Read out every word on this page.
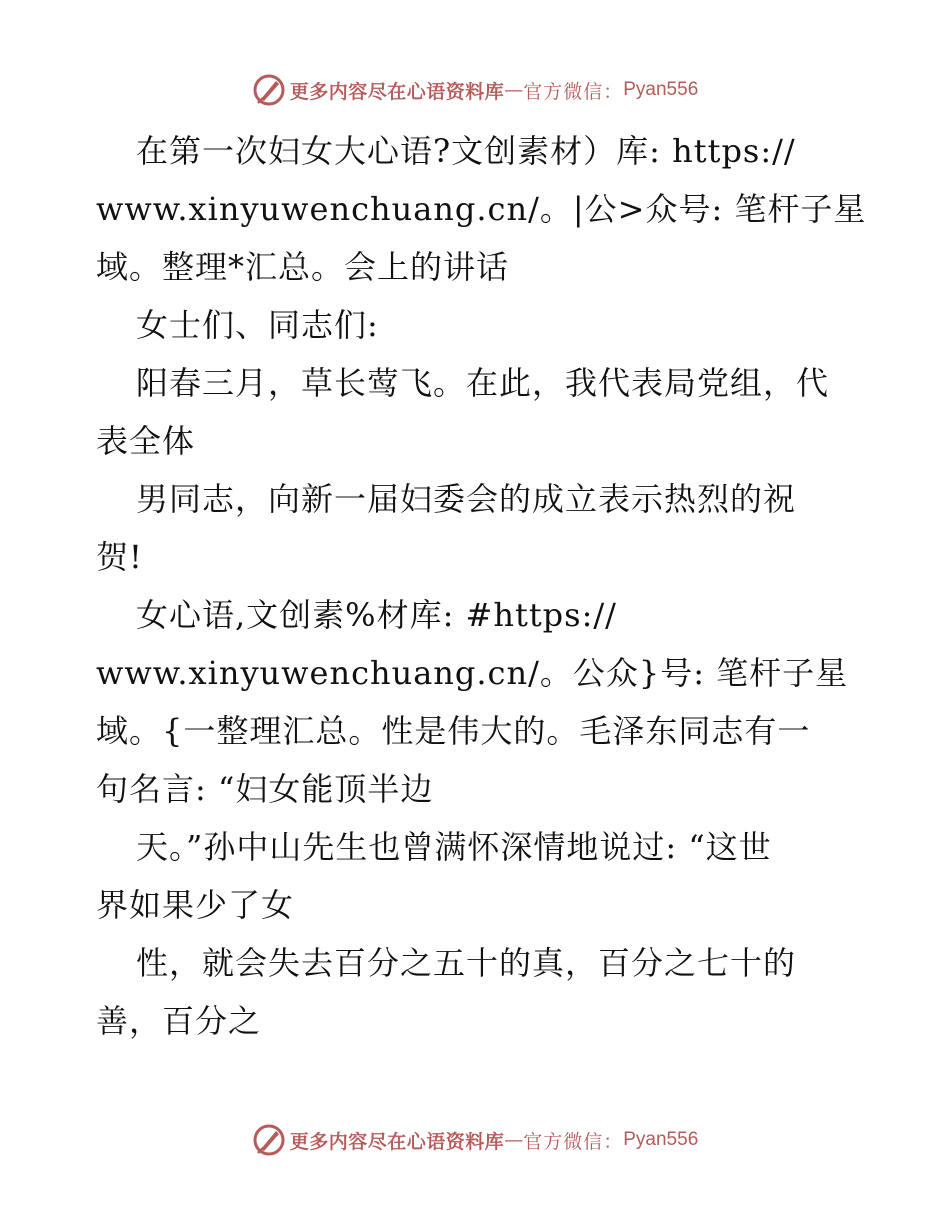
更多内容尽在心语资料库 — 官方微信： Pyan556
在第一次妇女大心语?文创素材）库: https://
www.xinyuwenchuang.cn/。|公>众号: 笔杆子星
域。整理*汇总。会上的讲话
女士们、同志们:
阳春三月，草长莺飞。在此，我代表局党组，代
表全体
男同志，向新一届妇委会的成立表示热烈的祝
贺!
女心语,文创素%材库: #https://
www.xinyuwenchuang.cn/。公众}号: 笔杆子星
域。{一整理汇总。性是伟大的。毛泽东同志有一
句名言: “妇女能顶半边
天。”孙中山先生也曾满怀深情地说过: “这世
界如果少了女
性，就会失去百分之五十的真，百分之七十的
善，百分之
更多内容尽在心语资料库 — 官方微信： Pyan556
